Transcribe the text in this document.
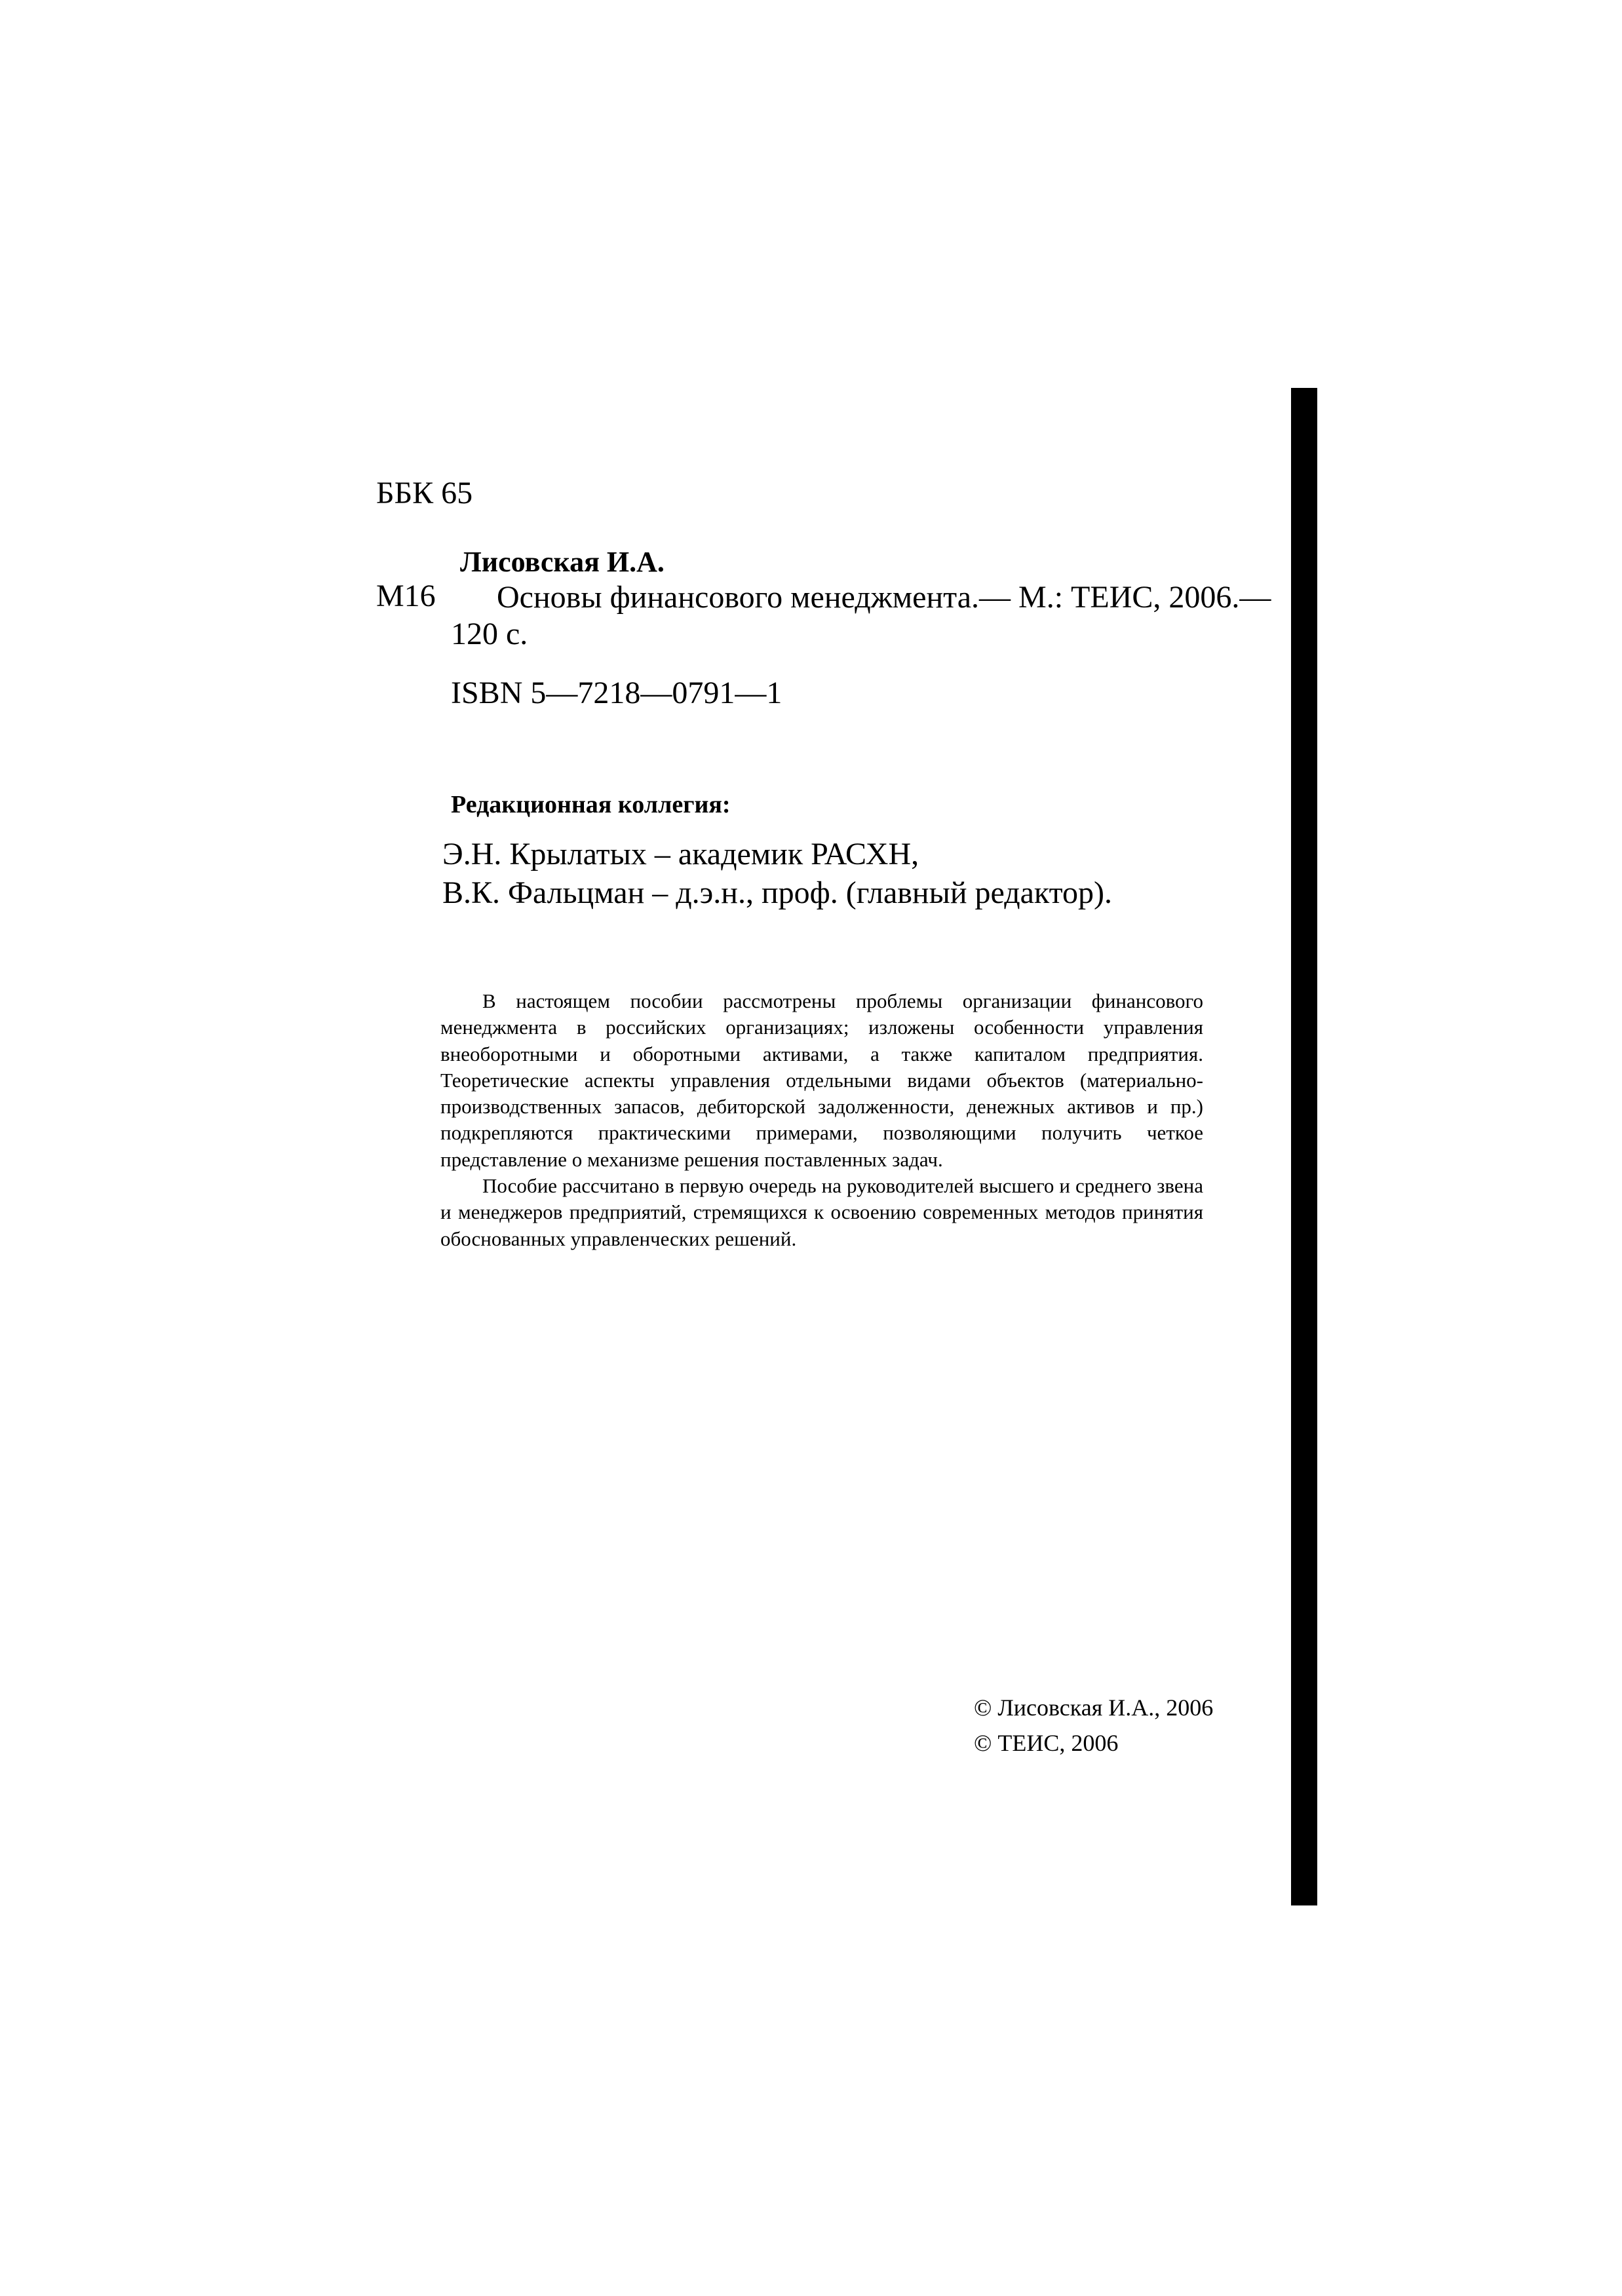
ББК 65
Лисовская И.А.
М16 Основы финансового менеджмента.— М.: ТЕИС, 2006.—
120 с.
ISBN 5—7218—0791—1
Редакционная коллегия:
Э.Н. Крылатых – академик РАСХН,
В.К. Фальцман – д.э.н., проф. (главный редактор).

В настоящем пособии рассмотрены проблемы организации финансового менеджмента в российских организациях; изложены особенности управления внеоборотными и оборотными активами, а также капиталом предприятия. Теоретические аспекты управления отдельными видами объектов (материально-производственных запасов, дебиторской задолженности, денежных активов и пр.) подкрепляются практическими примерами, позволяющими получить четкое представление о механизме решения поставленных задач.

Пособие рассчитано в первую очередь на руководителей высшего и среднего звена и менеджеров предприятий, стремящихся к освоению современных методов принятия обоснованных управленческих решений.

© Лисовская И.А., 2006
© ТЕИС, 2006
